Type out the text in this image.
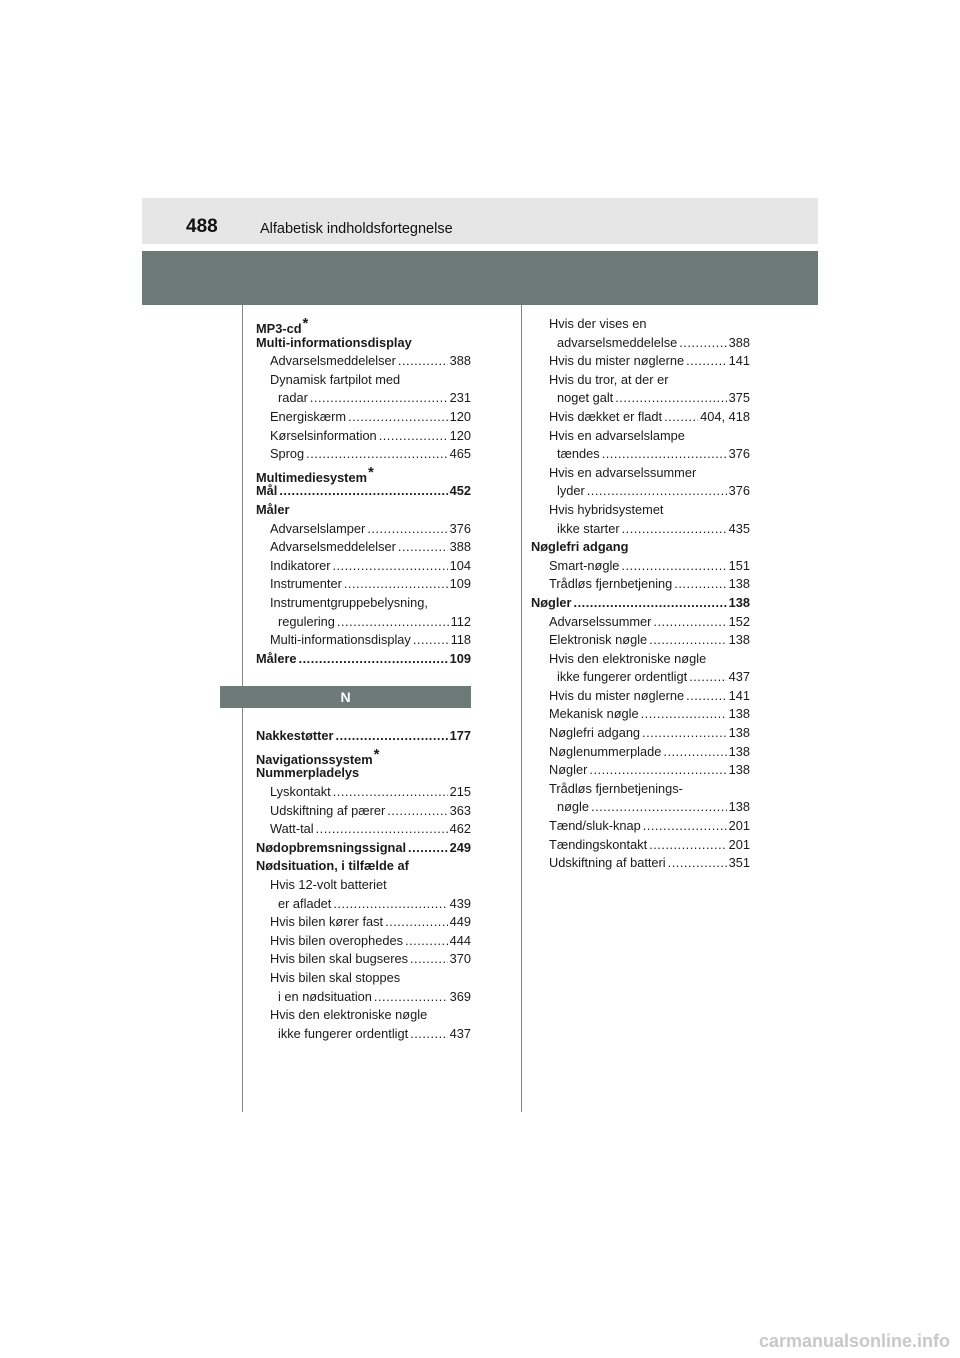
488	Alfabetisk indholdsfortegnelse
MP3-cd*
Multi-informationsdisplay
Advarselsmeddelelser .....	388
Dynamisk fartpilot med
radar .....	231
Energiskærm .....	120
Kørselsinformation .....	120
Sprog .....	465
Multimediesystem*
Mål .....	452
Måler
Advarselslamper .....	376
Advarselsmeddelelser .....	388
Indikatorer .....	104
Instrumenter .....	109
Instrumentgruppebelysning,
regulering .....	112
Multi-informationsdisplay .....	118
Målere .....	109
N
Nakkestøtter .....	177
Navigationssystem*
Nummerpladelys
Lyskontakt .....	215
Udskiftning af pærer .....	363
Watt-tal .....	462
Nødopbremsningssignal .....	249
Nødsituation, i tilfælde af
Hvis 12-volt batteriet
er afladet .....	439
Hvis bilen kører fast .....	449
Hvis bilen overophedes .....	444
Hvis bilen skal bugseres .....	370
Hvis bilen skal stoppes
i en nødsituation .....	369
Hvis den elektroniske nøgle
ikke fungerer ordentligt .....	437
Hvis der vises en
advarselsmeddelelse .....	388
Hvis du mister nøglerne .....	141
Hvis du tror, at der er
noget galt .....	375
Hvis dækket er fladt .....	404, 418
Hvis en advarselslampe
tændes .....	376
Hvis en advarselssummer
lyder .....	376
Hvis hybridsystemet
ikke starter .....	435
Nøglefri adgang
Smart-nøgle .....	151
Trådløs fjernbetjening .....	138
Nøgler .....	138
Advarselssummer .....	152
Elektronisk nøgle .....	138
Hvis den elektroniske nøgle
ikke fungerer ordentligt .....	437
Hvis du mister nøglerne .....	141
Mekanisk nøgle .....	138
Nøglefri adgang .....	138
Nøglenummerplade .....	138
Nøgler .....	138
Trådløs fjernbetjenings-
nøgle .....	138
Tænd/sluk-knap .....	201
Tændingskontakt .....	201
Udskiftning af batteri .....	351
carmanualsonline.info
